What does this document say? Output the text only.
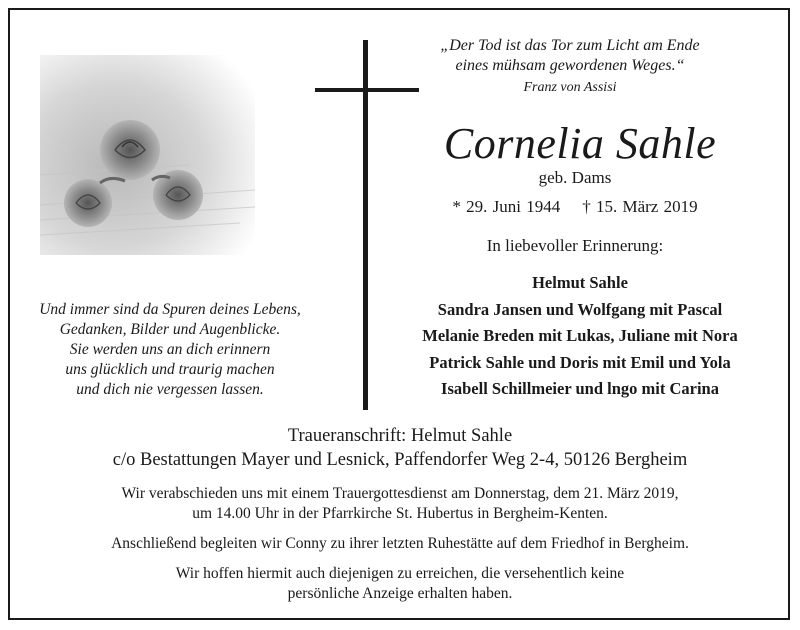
Und immer sind da Spuren deines Lebens,
Gedanken, Bilder und Augenblicke.
Sie werden uns an dich erinnern
uns glücklich und traurig machen
und dich nie vergessen lassen.
„Der Tod ist das Tor zum Licht am Ende
eines mühsam gewordenen Weges.“
Franz von Assisi
Cornelia Sahle
geb. Dams
* 29. Juni 1944 † 15. März 2019
In liebevoller Erinnerung:
Helmut Sahle
Sandra Jansen und Wolfgang mit Pascal
Melanie Breden mit Lukas, Juliane mit Nora
Patrick Sahle und Doris mit Emil und Yola
Isabell Schillmeier und lngo mit Carina
Traueranschrift: Helmut Sahle
c/o Bestattungen Mayer und Lesnick, Paffendorfer Weg 2-4, 50126 Bergheim

Wir verabschieden uns mit einem Trauergottesdienst am Donnerstag, dem 21. März 2019,
um 14.00 Uhr in der Pfarrkirche St. Hubertus in Bergheim-Kenten.

Anschließend begleiten wir Conny zu ihrer letzten Ruhestätte auf dem Friedhof in Bergheim.

Wir hoffen hiermit auch diejenigen zu erreichen, die versehentlich keine
persönliche Anzeige erhalten haben.
